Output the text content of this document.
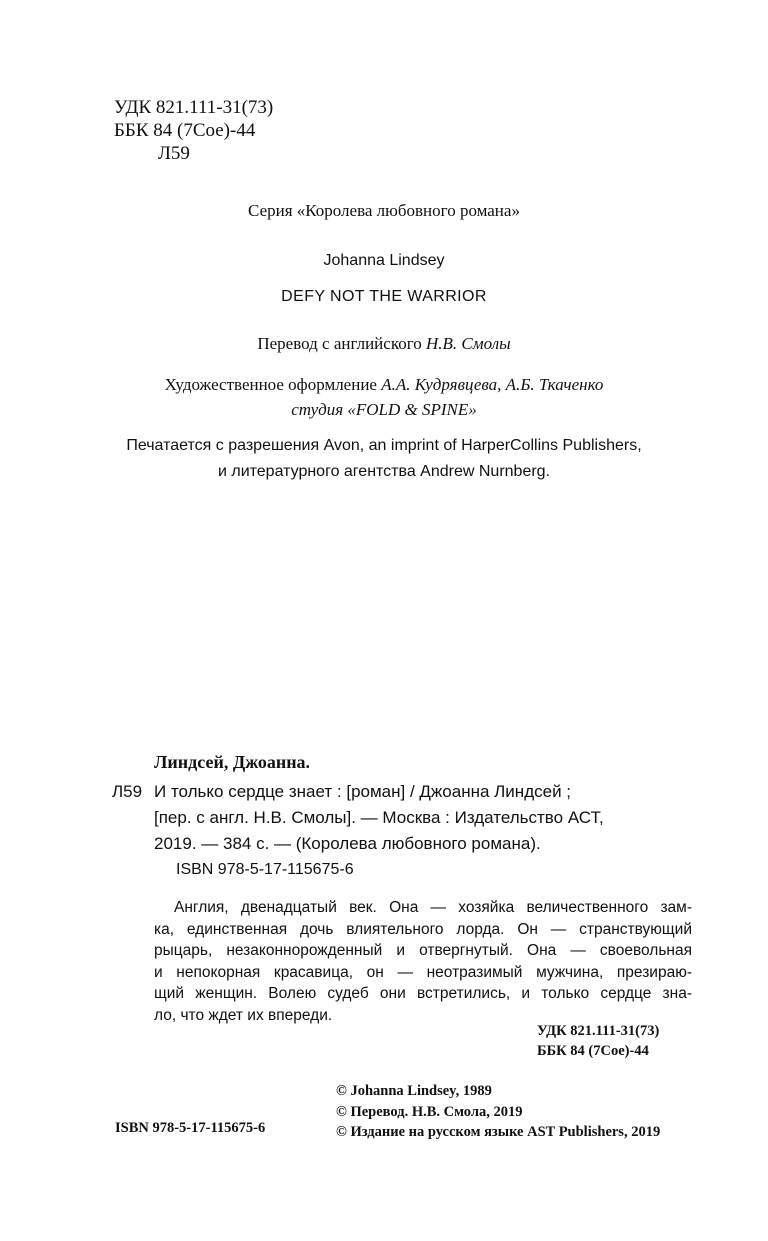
УДК 821.111-31(73)
ББК 84 (7Сое)-44
Л59
Серия «Королева любовного романа»
Johanna Lindsey
DEFY NOT THE WARRIOR
Перевод с английского Н.В. Смолы
Художественное оформление А.А. Кудрявцева, А.Б. Ткаченко
студия «FOLD & SPINE»
Печатается с разрешения Avon, an imprint of HarperCollins Publishers,
и литературного агентства Andrew Nurnberg.
Линдсей, Джоанна.
Л59 И только сердце знает : [роман] / Джоанна Линдсей ;
[пер. с англ. Н.В. Смолы]. — Москва : Издательство АСТ,
2019. — 384 с. — (Королева любовного романа).
ISBN 978-5-17-115675-6
Англия, двенадцатый век. Она — хозяйка величественного зам-
ка, единственная дочь влиятельного лорда. Он — странствующий
рыцарь, незаконнорожденный и отвергнутый. Она — своевольная
и непокорная красавица, он — неотразимый мужчина, презираю-
щий женщин. Волею судеб они встретились, и только сердце зна-
ло, что ждет их впереди.
УДК 821.111-31(73)
ББК 84 (7Сое)-44
© Johanna Lindsey, 1989
© Перевод. Н.В. Смола, 2019
© Издание на русском языке AST Publishers, 2019
ISBN 978-5-17-115675-6
